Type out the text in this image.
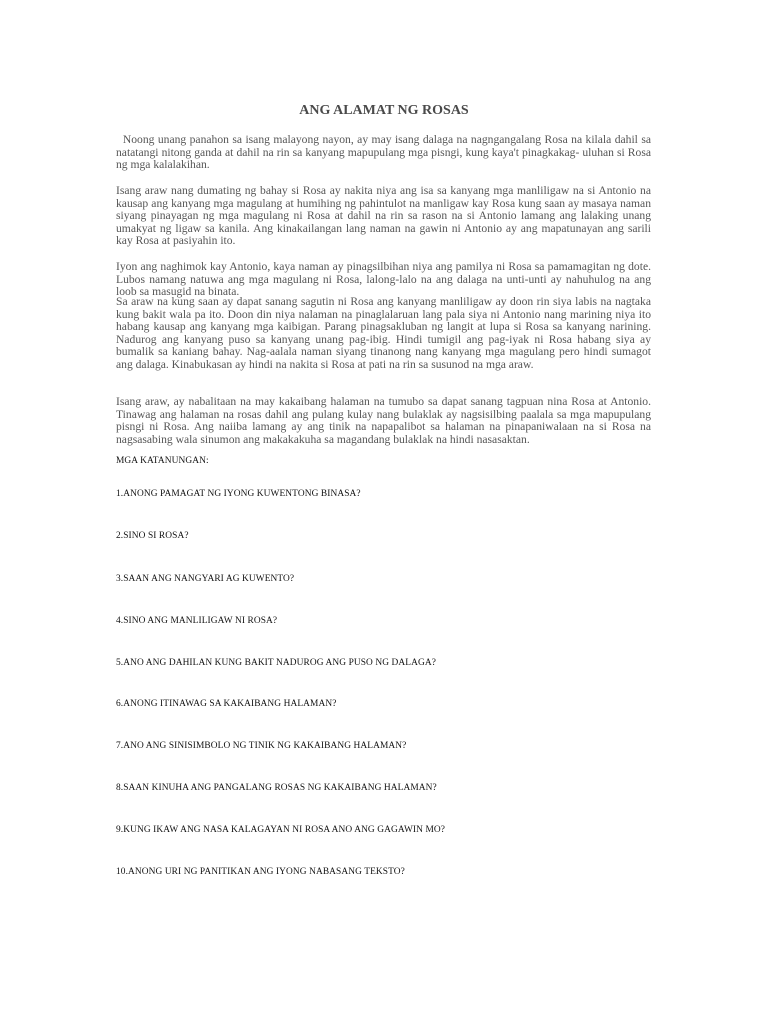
ANG ALAMAT NG ROSAS

Noong unang panahon sa isang malayong nayon, ay may isang dalaga na nagngangalang Rosa na kilala dahil sa natatangi nitong ganda at dahil na rin sa kanyang mapupulang mga pisngi, kung kaya't pinagkakag- uluhan si Rosa ng mga kalalakihan.

Isang araw nang dumating ng bahay si Rosa ay nakita niya ang isa sa kanyang mga manliligaw na si Antonio na kausap ang kanyang mga magulang at humihing ng pahintulot na manligaw kay Rosa kung saan ay masaya naman siyang pinayagan ng mga magulang ni Rosa at dahil na rin sa rason na si Antonio lamang ang lalaking unang umakyat ng ligaw sa kanila. Ang kinakailangan lang naman na gawin ni Antonio ay ang mapatunayan ang sarili kay Rosa at pasiyahin ito.

Iyon ang naghimok kay Antonio, kaya naman ay pinagsilbihan niya ang pamilya ni Rosa sa pamamagitan ng dote. Lubos namang natuwa ang mga magulang ni Rosa, lalong-lalo na ang dalaga na unti-unti ay nahuhulog na ang loob sa masugid na binata.

Sa araw na kung saan ay dapat sanang sagutin ni Rosa ang kanyang manliligaw ay doon rin siya labis na nagtaka kung bakit wala pa ito. Doon din niya nalaman na pinaglalaruan lang pala siya ni Antonio nang marining niya ito habang kausap ang kanyang mga kaibigan. Parang pinagsakluban ng langit at lupa si Rosa sa kanyang narining. Nadurog ang kanyang puso sa kanyang unang pag-ibig. Hindi tumigil ang pag-iyak ni Rosa habang siya ay bumalik sa kaniang bahay. Nag-aalala naman siyang tinanong nang kanyang mga magulang pero hindi sumagot ang dalaga. Kinabukasan ay hindi na nakita si Rosa at pati na rin sa susunod na mga araw.

Isang araw, ay nabalitaan na may kakaibang halaman na tumubo sa dapat sanang tagpuan nina Rosa at Antonio. Tinawag ang halaman na rosas dahil ang pulang kulay nang bulaklak ay nagsisilbing paalala sa mga mapupulang pisngi ni Rosa. Ang naiiba lamang ay ang tinik na napapalibot sa halaman na pinapaniwalaan na si Rosa na nagsasabing wala sinumon ang makakakuha sa magandang bulaklak na hindi nasasaktan.

MGA KATANUNGAN:

1.ANONG PAMAGAT NG IYONG KUWENTONG BINASA?

2.SINO SI ROSA?

3.SAAN ANG NANGYARI AG KUWENTO?

4.SINO ANG MANLILIGAW NI ROSA?

5.ANO ANG DAHILAN KUNG BAKIT NADUROG ANG PUSO NG DALAGA?

6.ANONG ITINAWAG SA KAKAIBANG HALAMAN?

7.ANO ANG SINISIMBOLO NG TINIK NG KAKAIBANG HALAMAN?

8.SAAN KINUHA ANG PANGALANG ROSAS NG KAKAIBANG HALAMAN?

9.KUNG IKAW ANG NASA KALAGAYAN NI ROSA ANO ANG GAGAWIN MO?

10.ANONG URI NG PANITIKAN ANG IYONG NABASANG TEKSTO?
